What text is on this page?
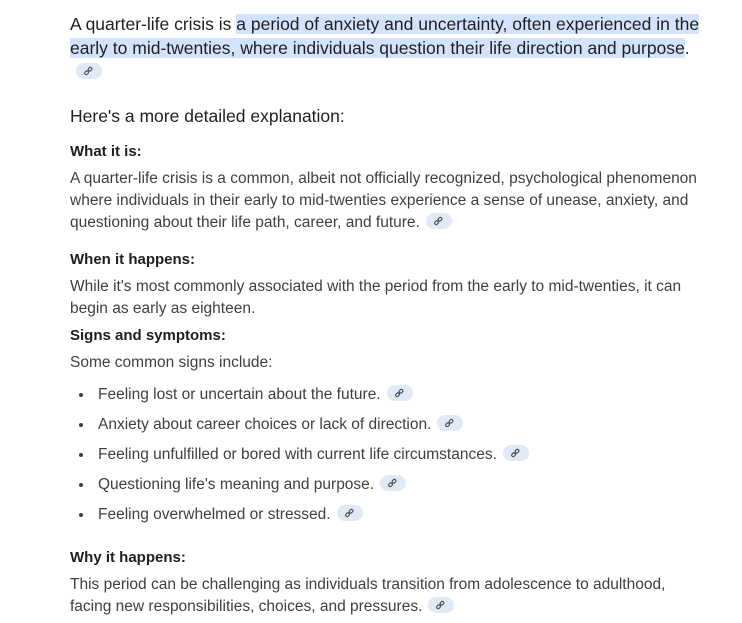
A quarter-life crisis is a period of anxiety and uncertainty, often experienced in the early to mid-twenties, where individuals question their life direction and purpose.

Here's a more detailed explanation:

What it is:

A quarter-life crisis is a common, albeit not officially recognized, psychological phenomenon where individuals in their early to mid-twenties experience a sense of unease, anxiety, and questioning about their life path, career, and future.

When it happens:

While it's most commonly associated with the period from the early to mid-twenties, it can begin as early as eighteen.

Signs and symptoms:

Some common signs include:

Feeling lost or uncertain about the future.
Anxiety about career choices or lack of direction.
Feeling unfulfilled or bored with current life circumstances.
Questioning life's meaning and purpose.
Feeling overwhelmed or stressed.

Why it happens:

This period can be challenging as individuals transition from adolescence to adulthood, facing new responsibilities, choices, and pressures.
